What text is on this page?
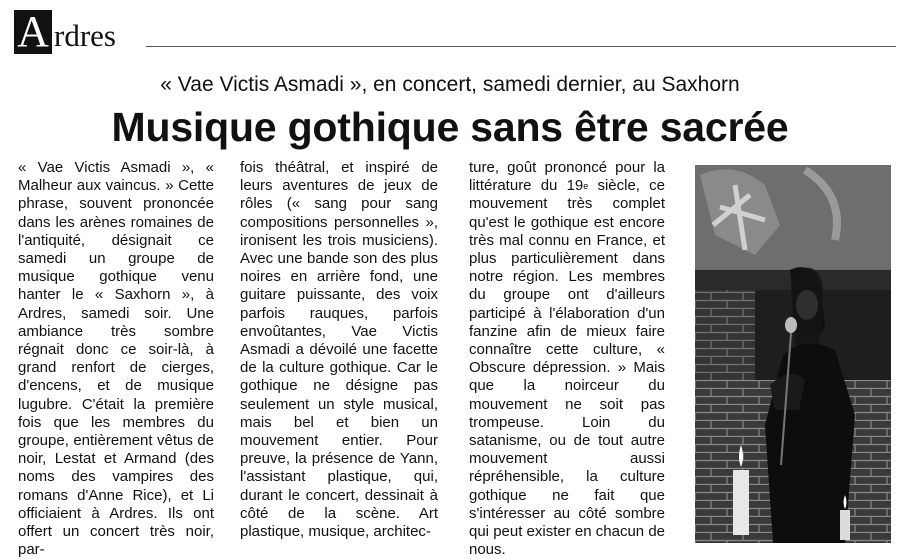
A rdres
« Vae Victis Asmadi », en concert, samedi dernier, au Saxhorn
Musique gothique sans être sacrée
« Vae Victis Asmadi », « Malheur aux vaincus. » Cette phrase, souvent prononcée dans les arènes romaines de l'antiquité, désignait ce samedi un groupe de musique gothique venu hanter le « Saxhorn », à Ardres, samedi soir. Une ambiance très sombre régnait donc ce soir-là, à grand renfort de cierges, d'encens, et de musique lugubre. C'était la première fois que les membres du groupe, entièrement vêtus de noir, Lestat et Armand (des noms des vampires des romans d'Anne Rice), et Li officiaient à Ardres. Ils ont offert un concert très noir, par-
fois théâtral, et inspiré de leurs aventures de jeux de rôles (« sang pour sang compositions personnelles », ironisent les trois musiciens). Avec une bande son des plus noires en arrière fond, une guitare puissante, des voix parfois rauques, parfois envoûtantes, Vae Victis Asmadi a dévoilé une facette de la culture gothique. Car le gothique ne désigne pas seulement un style musical, mais bel et bien un mouvement entier. Pour preuve, la présence de Yann, l'assistant plastique, qui, durant le concert, dessinait à côté de la scène. Art plastique, musique, architec-
ture, goût prononcé pour la littérature du 19e siècle, ce mouvement très complet qu'est le gothique est encore très mal connu en France, et plus particulièrement dans notre région. Les membres du groupe ont d'ailleurs participé à l'élaboration d'un fanzine afin de mieux faire connaître cette culture, « Obscure dépression. » Mais que la noirceur du mouvement ne soit pas trompeuse. Loin du satanisme, ou de tout autre mouvement aussi répréhensible, la culture gothique ne fait que s'intéresser au côté sombre qui peut exister en chacun de nous.
